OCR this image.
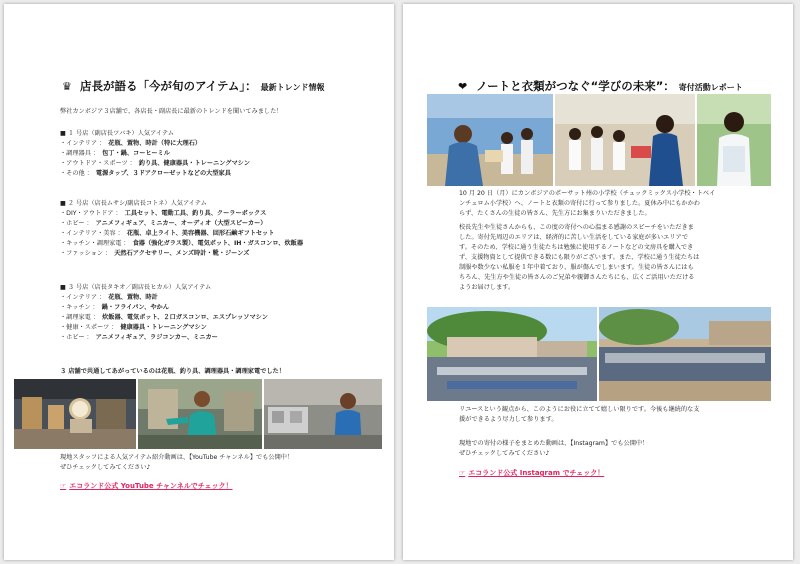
♛ 店長が語る「今が旬のアイテム」： 最新トレンド情報
弊社カンボジア３店舗で、各店長・副店長に最新のトレンドを聞いてみました！
■ １ 号店（副店長ツバキ）人気アイテム
・インテリア ： 花瓶、置物、時計（特に大理石）
・調理器具 ： 包丁・鍋、コーヒーミル
・アウトドア・スポーツ ： 釣り具、健康器具・トレーニングマシン
・その他 ： 電源タップ、３ドアクローゼットなどの大型家具
■ ２ 号店（店長ムサシ/副店長コトネ）人気アイテム
・DIY・アウトドア ： 工具セット、電動工具、釣り具、クーラーボックス
・ホビー ： アニメフィギュア、ミニカー、オーディオ（大型スピーカー）
・インテリア・美容 ： 花瓶、卓上ライト、美容機器、回形石鹸ギフトセット
・キッチン・調理家電 ： 食器（強化ガラス製）、電気ポット、IH・ガスコンロ、炊飯器
・ファッション ： 天然石アクセサリー、メンズ時計・靴・ジーンズ
■ ３ 号店（店長タキオ／副店長ヒカル）人気アイテム
・インテリア ： 花瓶、置物、時計
・キッチン ： 鍋・フライパン、やかん
・調理家電 ： 炊飯器、電気ポット、２口ガスコンロ、エスプレッソマシン
・健康・スポーツ ： 健康器具・トレーニングマシン
・ホビー ： アニメフィギュア、ラジコンカー、ミニカー
３ 店舗で共通してあがっているのは花瓶、釣り具、調理器具・調理家電でした！
現地スタッフによる人気アイテム紹介動画は、【YouTube チャンネル】でも公開中！
ぜひチェックしてみてください♪
☞ エコランド公式 YouTube チャンネルでチェック！
❤ ノートと衣類がつなぐ“学びの未来”： 寄付活動レポート
10 月 20 日（月）にカンボジアのポーサット州の小学校（チュックミックス小学校・トベイ
ンチュロム小学校）へ、ノートと衣類の寄付に行って参りました。夏休み中にもかかわ
らず、たくさんの生徒の皆さん、先生方にお集まりいただきました。
校長先生や生徒さんからも、この度の寄付への心温まる感謝のスピーチをいただきま
した。寄付先周辺のエリアは、経済的に苦しい生活をしている家庭が多いエリアで
す。そのため、学校に通う生徒たちは勉強に使用するノートなどの文房具を購入でき
ず、支援物資として提供できる数にも限りがございます。また、学校に通う生徒たちは
制服や数少ない私服を１年中着ており、服が傷んでしまいます。生徒の皆さんにはも
ちろん、先生方や生徒の皆さんのご兄弟や親御さんたちにも、広くご活用いただける
ようお届けします。
リユースという観点から、このようにお役に立てて嬉しい限りです。今後も継続的な支
援ができるよう尽力して参ります。
現地での寄付の様子をまとめた動画は、【Instagram】でも公開中！
ぜひチェックしてみてください♪
☞ エコランド公式 Instagram でチェック！
